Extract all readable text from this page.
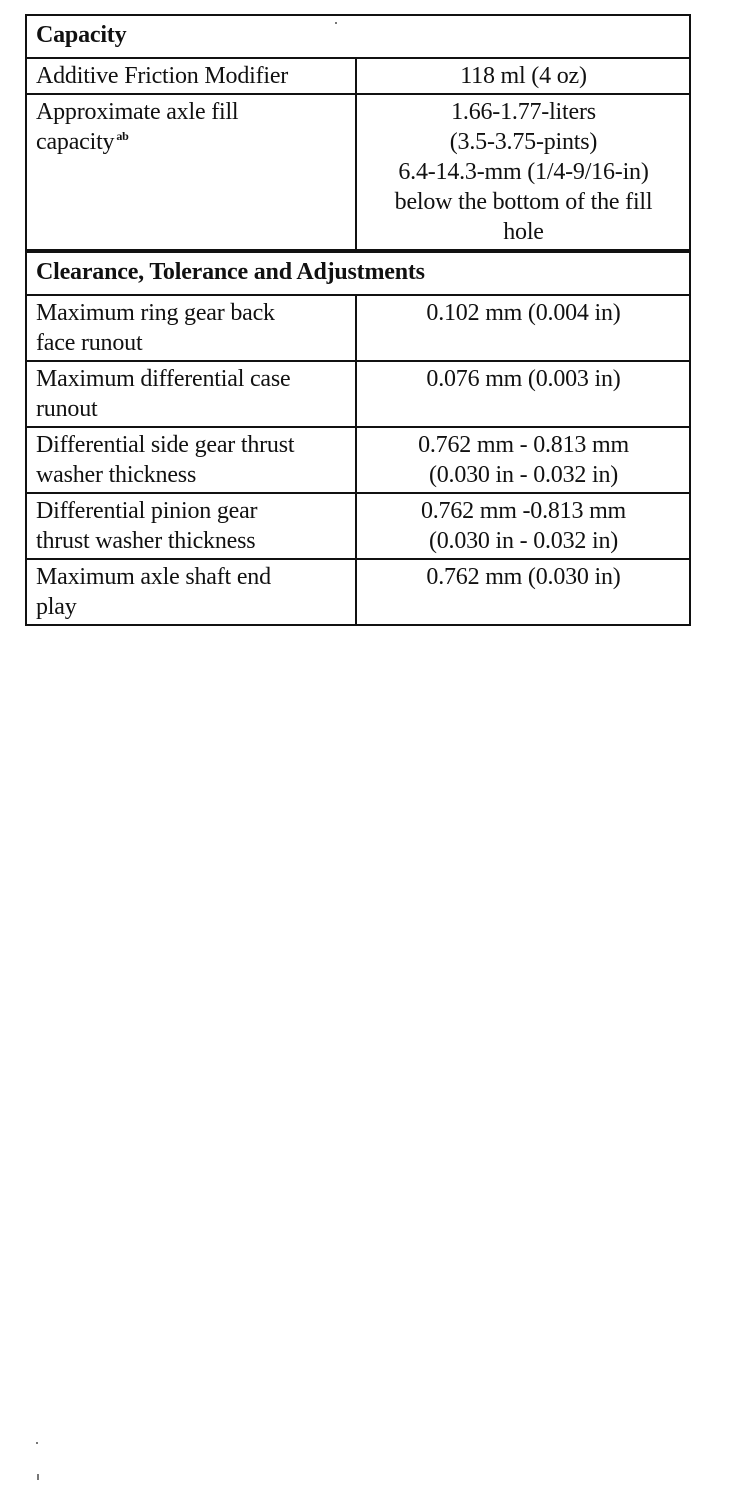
Capacity	

Additive Friction Modifier	118 ml (4 oz)

Approximate axle fill
capacity $^{ab}$	1.66-1.77-liters
(3.5-3.75-pints)
6.4-14.3-mm (1/4-9/16-in)
below the bottom of the fill
hole

Clearance, Tolerance and Adjustments	

Maximum ring gear back
face runout	0.102 mm (0.004 in)

Maximum differential case
runout	0.076 mm (0.003 in)

Differential side gear thrust
washer thickness	0.762 mm - 0.813 mm
(0.030 in - 0.032 in)

Differential pinion gear
thrust washer thickness	0.762 mm -0.813 mm
(0.030 in - 0.032 in)

Maximum axle shaft end
play	0.762 mm (0.030 in)
